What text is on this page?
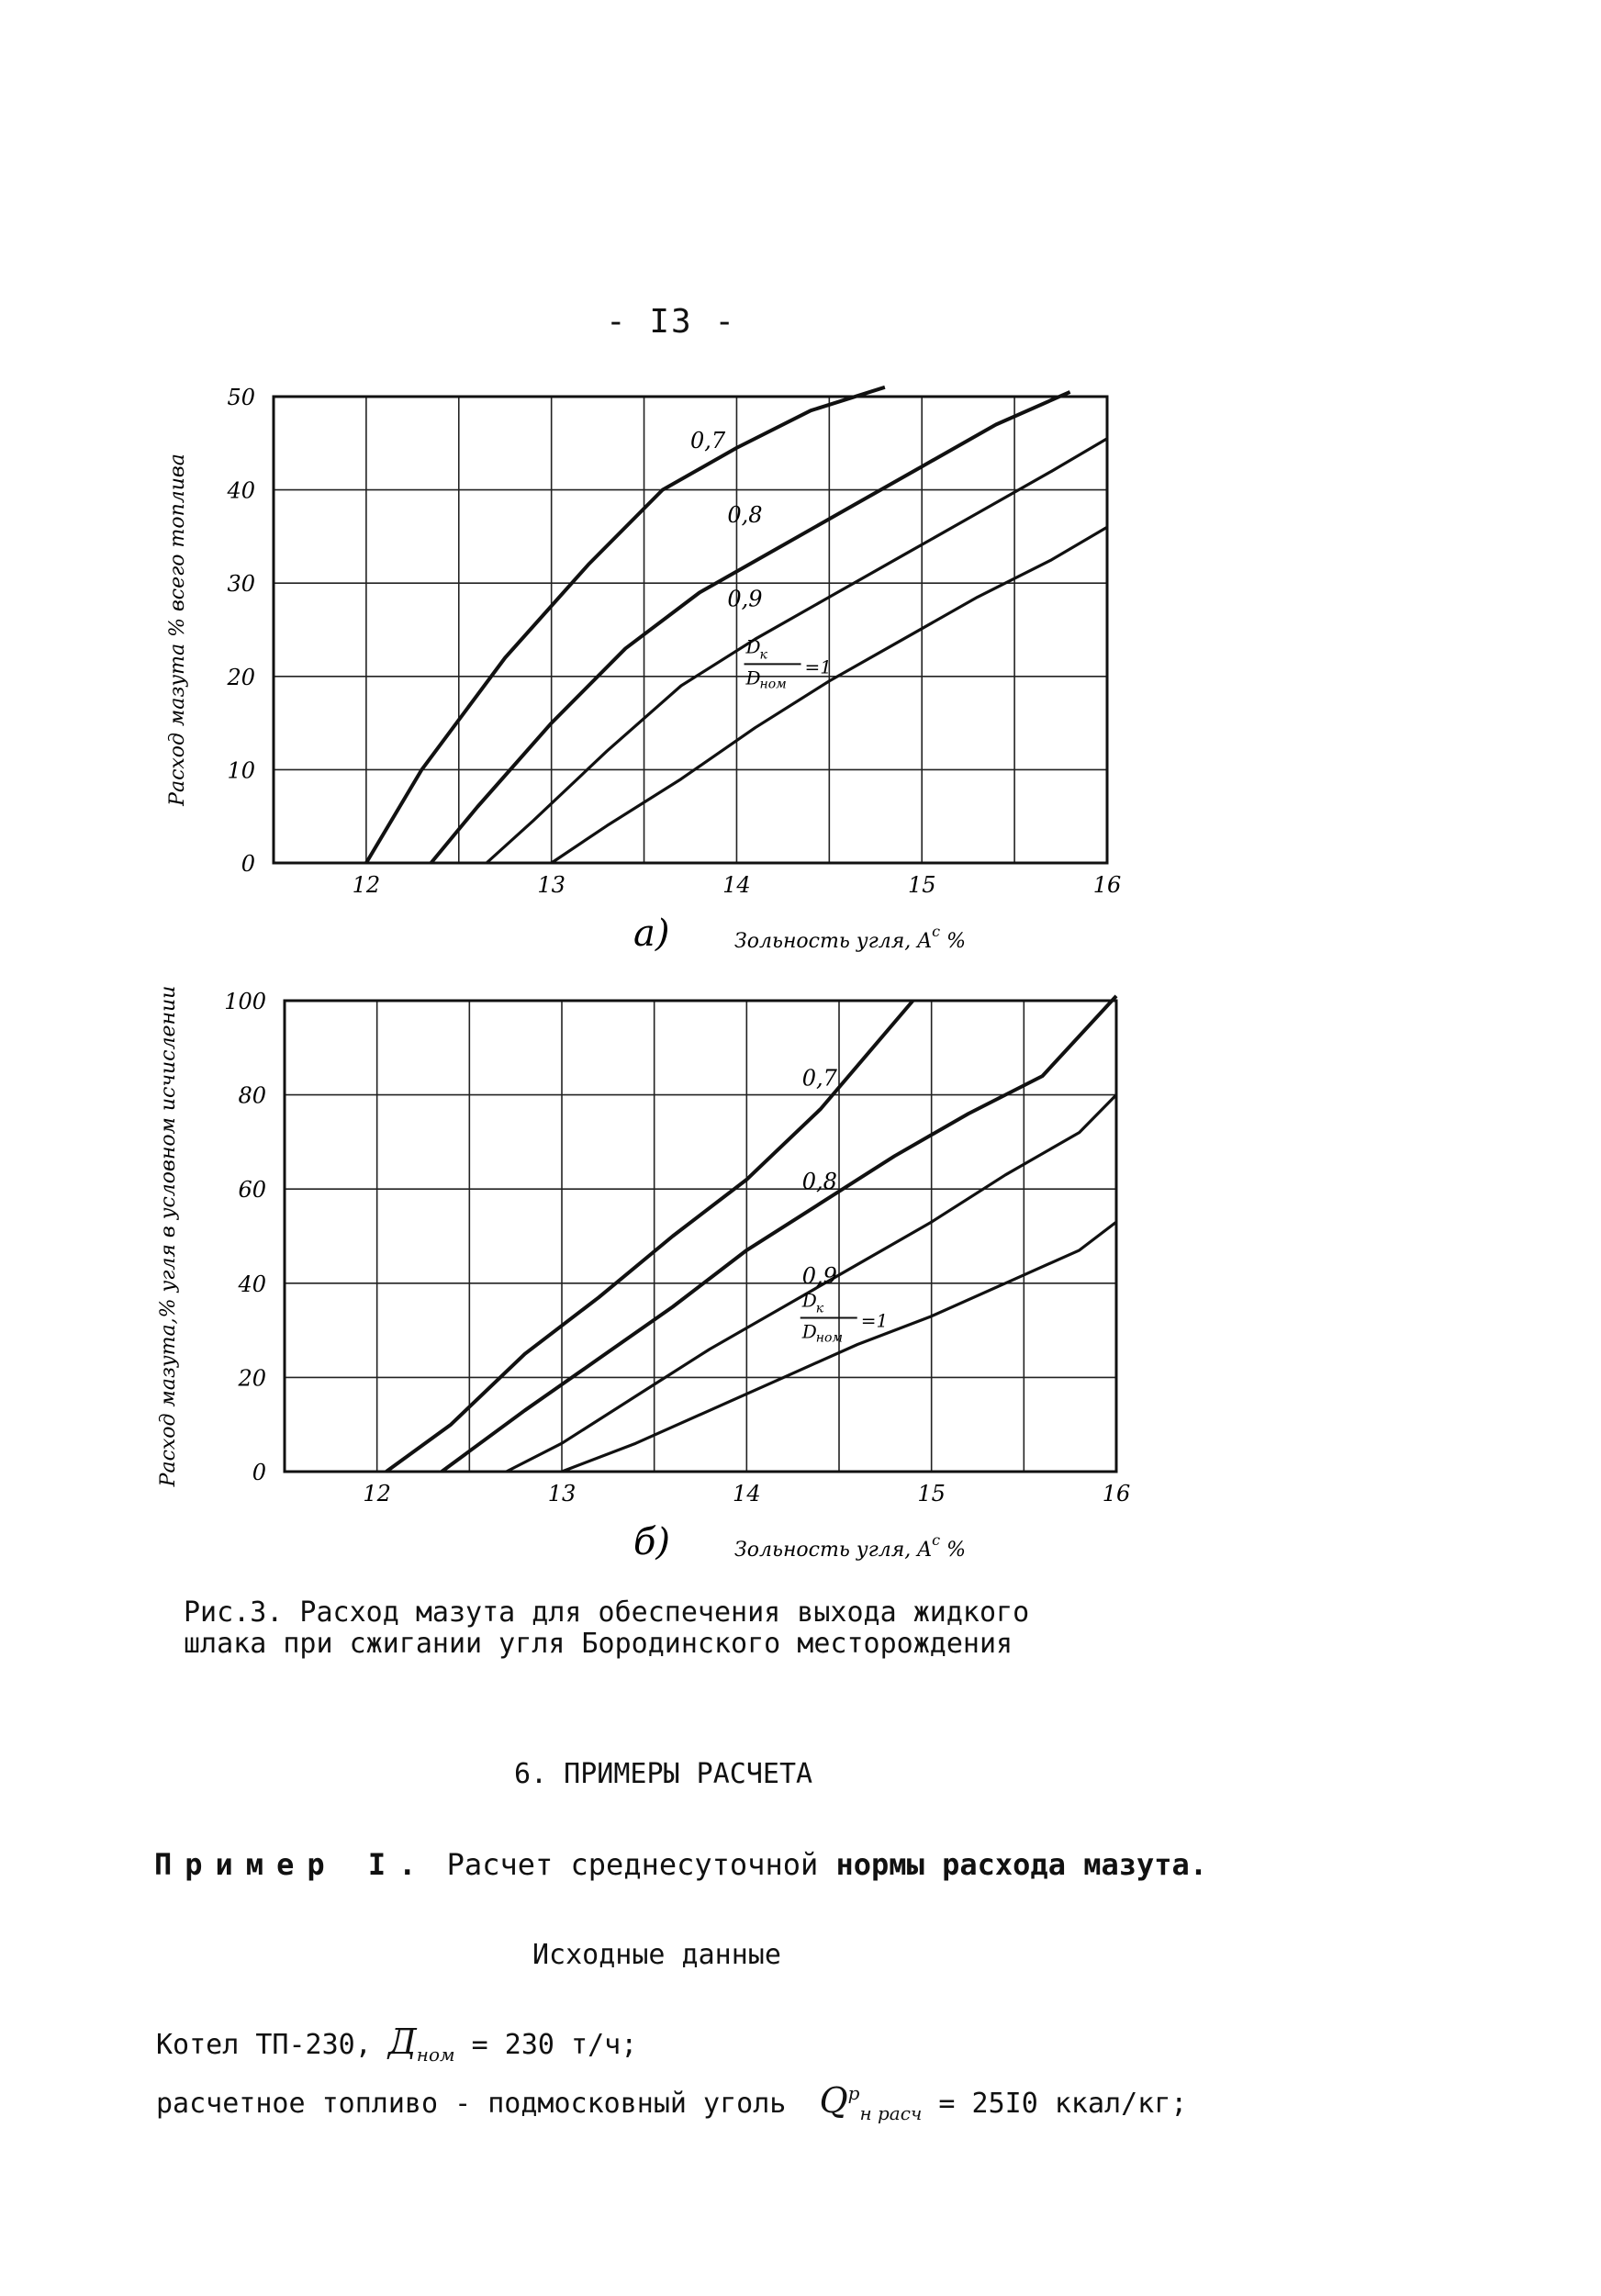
- I3 -
0
10
20
30
40
50
12	13	14	15	16
0,7
0,8
0,9
D
к
D
ном
=1
Расход мазута % всего топлива
а)	Зольность угля, $A^c$ %
0
20
40
60
80
100
12	13	14	15	16
0,7
0,8
0,9
D
к
D
ном
=1
Расход мазута,% угля в условном исчислении
б)	Зольность угля, $A^c$ %
Рис.3. Расход мазута для обеспечения выхода жидкого
шлака при сжигании угля Бородинского месторождения
6. ПРИМЕРЫ РАСЧЕТА
Пример I. Расчет среднесуточной нормы расхода мазута.
Исходные данные
Котел ТП-230, $Д_{ном} = 230$ т/ч;
расчетное топливо - подмосковный уголь $Q^р_{н расч} = 25I0$ ккал/кг;
